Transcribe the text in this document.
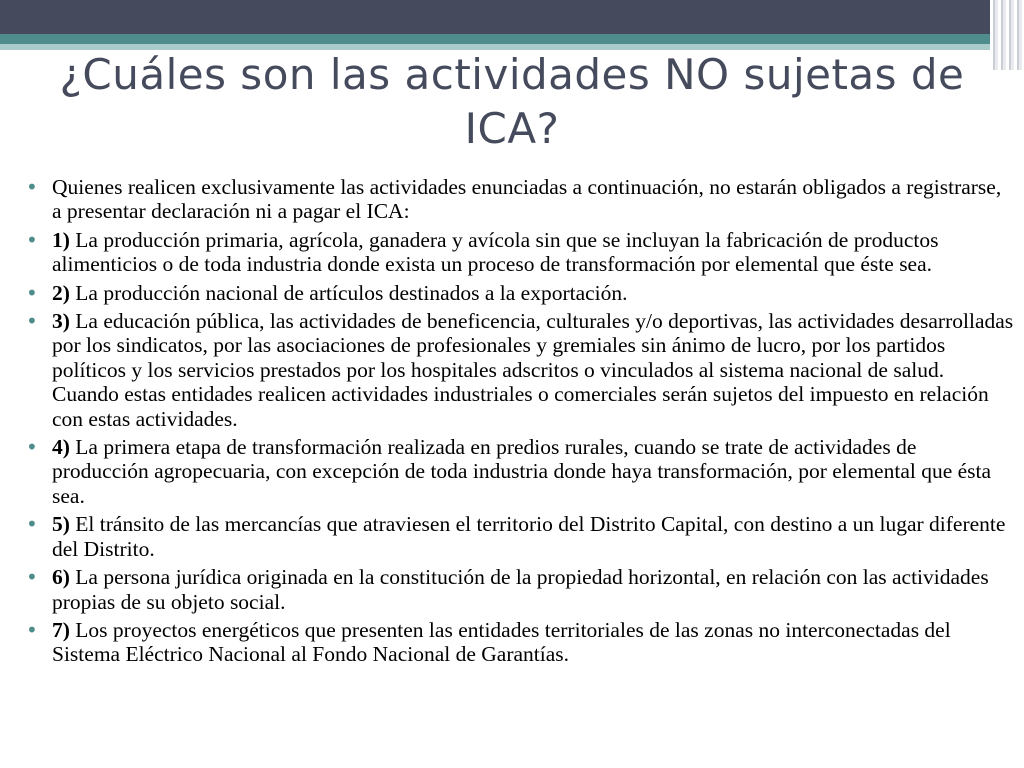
¿Cuáles son las actividades NO sujetas de ICA?
• Quienes realicen exclusivamente las actividades enunciadas a continuación, no estarán obligados a registrarse, a presentar declaración ni a pagar el ICA:
• 1) La producción primaria, agrícola, ganadera y avícola sin que se incluyan la fabricación de productos alimenticios o de toda industria donde exista un proceso de transformación por elemental que éste sea.
• 2) La producción nacional de artículos destinados a la exportación.
• 3) La educación pública, las actividades de beneficencia, culturales y/o deportivas, las actividades desarrolladas por los sindicatos, por las asociaciones de profesionales y gremiales sin ánimo de lucro, por los partidos políticos y los servicios prestados por los hospitales adscritos o vinculados al sistema nacional de salud. Cuando estas entidades realicen actividades industriales o comerciales serán sujetos del impuesto en relación con estas actividades.
• 4) La primera etapa de transformación realizada en predios rurales, cuando se trate de actividades de producción agropecuaria, con excepción de toda industria donde haya transformación, por elemental que ésta sea.
• 5) El tránsito de las mercancías que atraviesen el territorio del Distrito Capital, con destino a un lugar diferente del Distrito.
• 6) La persona jurídica originada en la constitución de la propiedad horizontal, en relación con las actividades propias de su objeto social.
• 7) Los proyectos energéticos que presenten las entidades territoriales de las zonas no interconectadas del Sistema Eléctrico Nacional al Fondo Nacional de Garantías.
